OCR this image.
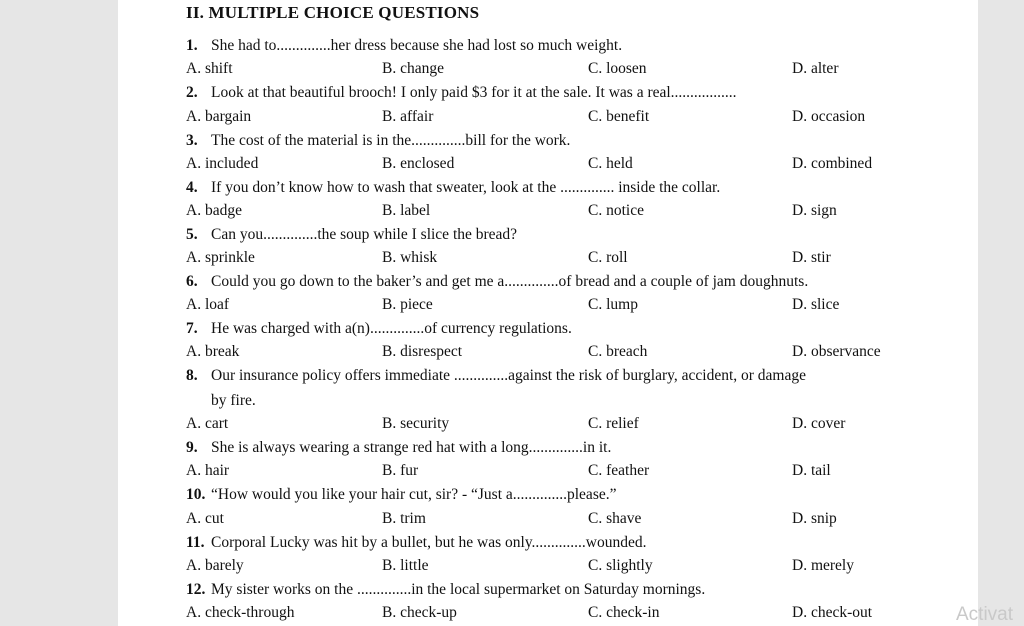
II. MULTIPLE CHOICE QUESTIONS
1. She had to..............her dress because she had lost so much weight.
A. shift	B. change	C. loosen	D. alter
2. Look at that beautiful brooch! I only paid $3 for it at the sale. It was a real.................
A. bargain	B. affair	C. benefit	D. occasion
3. The cost of the material is in the..............bill for the work.
A. included	B. enclosed	C. held	D. combined
4. If you don’t know how to wash that sweater, look at the .............. inside the collar.
A. badge	B. label	C. notice	D. sign
5. Can you..............the soup while I slice the bread?
A. sprinkle	B. whisk	C. roll	D. stir
6. Could you go down to the baker’s and get me a..............of bread and a couple of jam doughnuts.
A. loaf	B. piece	C. lump	D. slice
7. He was charged with a(n)..............of currency regulations.
A. break	B. disrespect	C. breach	D. observance
8. Our insurance policy offers immediate ..............against the risk of burglary, accident, or damage
by fire.
A. cart	B. security	C. relief	D. cover
9. She is always wearing a strange red hat with a long..............in it.
A. hair	B. fur	C. feather	D. tail
10. “How would you like your hair cut, sir? - “Just a..............please.”
A. cut	B. trim	C. shave	D. snip
11. Corporal Lucky was hit by a bullet, but he was only..............wounded.
A. barely	B. little	C. slightly	D. merely
12. My sister works on the ..............in the local supermarket on Saturday mornings.
A. check-through	B. check-up	C. check-in	D. check-out	Activat
